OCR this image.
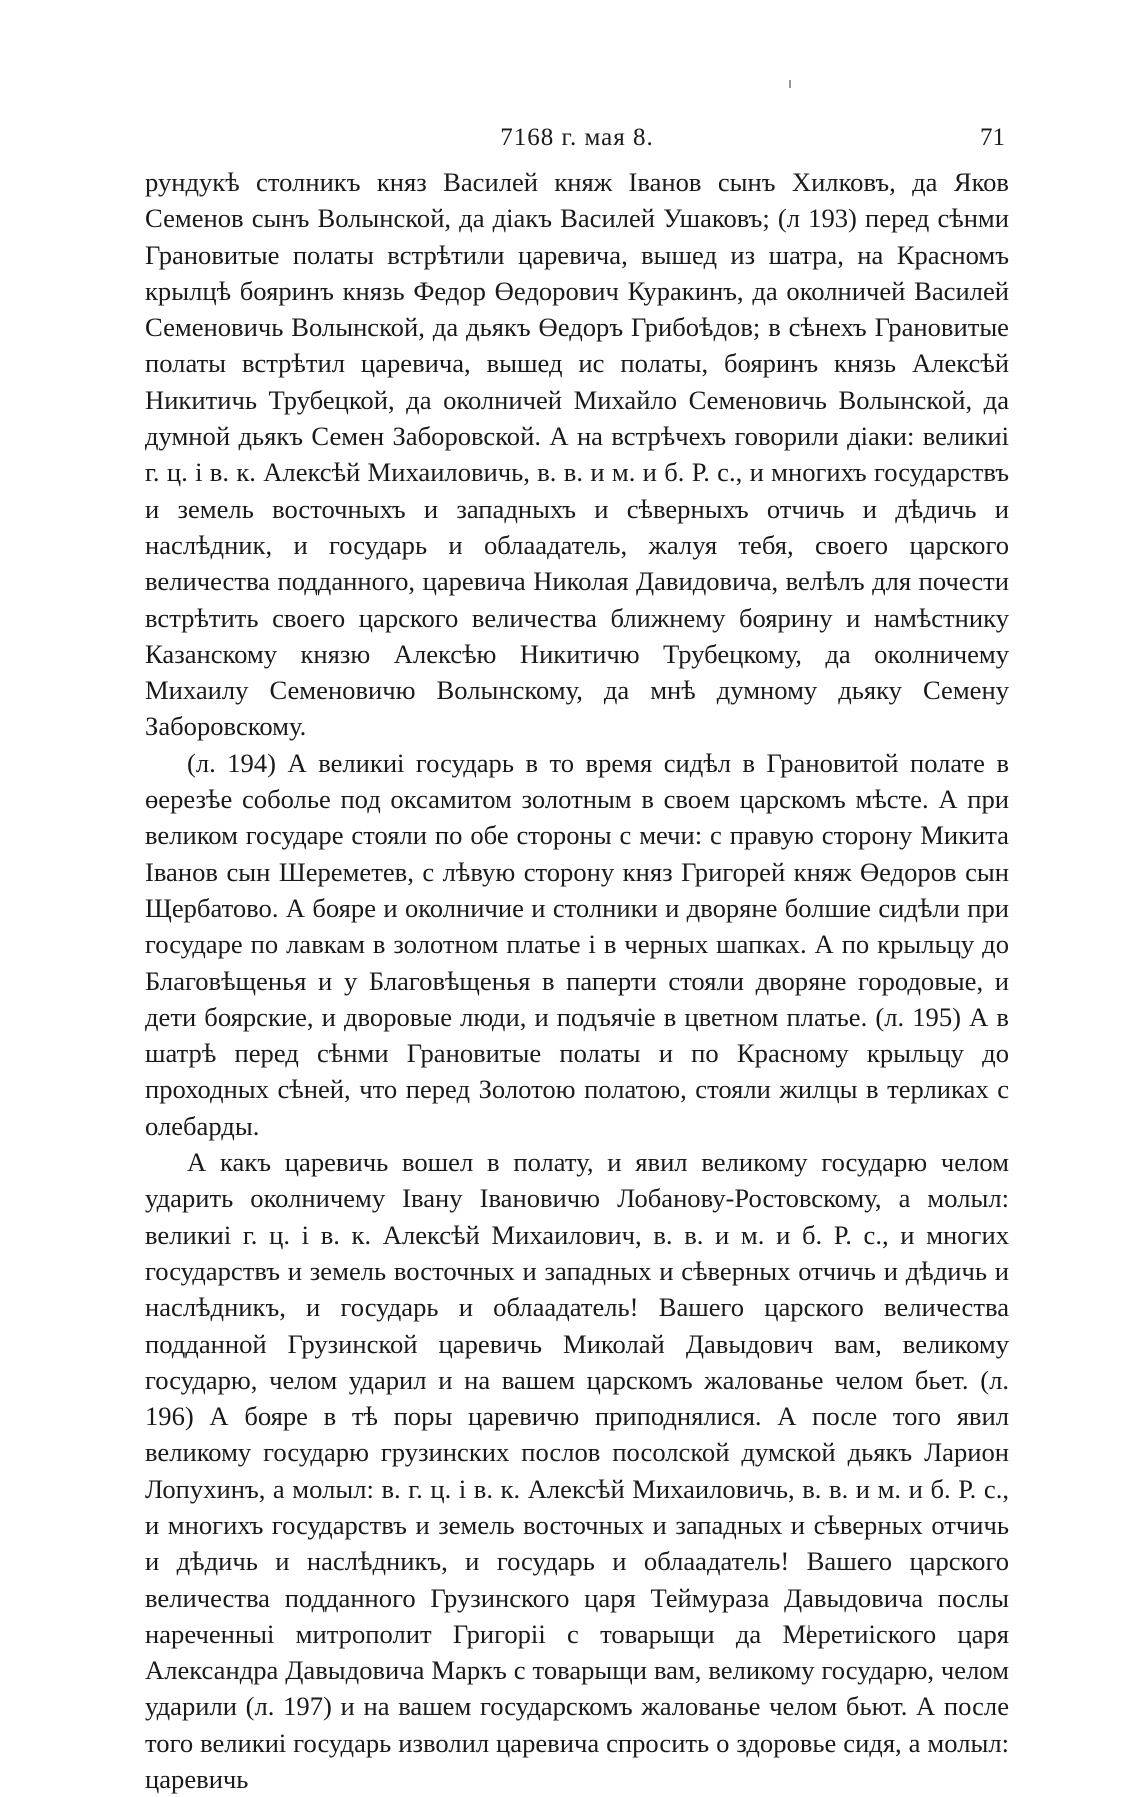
7168 г. мая 8.	71

рундукѣ столникъ княз Василей княж Іванов сынъ Хилковъ, да Яков Семенов сынъ Волынской, да діакъ Василей Ушаковъ; (л 193) перед сѣнми Грановитые полаты встрѣтили царевича, вышед из шатра, на Красномъ крылцѣ бояринъ князь Федор Өедорович Куракинъ, да околничей Василей Семеновичь Волынской, да дьякъ Өедоръ Грибоѣдов; в сѣнехъ Грановитые полаты встрѣтил царевича, вышед ис полаты, бояринъ князь Алексѣй Никитичь Трубецкой, да околничей Михайло Семеновичь Волынской, да думной дьякъ Семен Заборовской. А на встрѣчехъ говорили діаки: великиі г. ц. і в. к. Алексѣй Михаиловичь, в. в. и м. и б. Р. с., и многихъ государствъ и земель восточныхъ и западныхъ и сѣверныхъ отчичь и дѣдичь и наслѣдник, и государь и облаадатель, жалуя тебя, своего царского величества подданного, царевича Николая Давидовича, велѣлъ для почести встрѣтить своего царского величества ближнему боярину и намѣстнику Казанскому князю Алексѣю Никитичю Трубецкому, да околничему Михаилу Семеновичю Волынскому, да мнѣ думному дьяку Семену Заборовскому.

(л. 194) А великиі государь в то время сидѣл в Грановитой полате в өерезѣе соболье под оксамитом золотным в своем царскомъ мѣсте. А при великом государе стояли по обе стороны с мечи: с правую сторону Микита Іванов сын Шереметев, с лѣвую сторону княз Григорей княж Өедоров сын Щербатово. А бояре и околничие и столники и дворяне болшие сидѣли при государе по лавкам в золотном платье і в черных шапках. А по крыльцу до Благовѣщенья и у Благовѣщенья в паперти стояли дворяне городовые, и дети боярские, и дворовые люди, и подъячіе в цветном платье. (л. 195) А в шатрѣ перед сѣнми Грановитые полаты и по Красному крыльцу до проходных сѣней, что перед Золотою полатою, стояли жилцы в терликах с олебарды.

А какъ царевичь вошел в полату, и явил великому государю челом ударить околничему Івану Івановичю Лобанову-Ростовскому, а молыл: великиі г. ц. і в. к. Алексѣй Михаилович, в. в. и м. и б. Р. с., и многих государствъ и земель восточных и западных и сѣверных отчичь и дѣдичь и наслѣдникъ, и государь и облаадатель! Вашего царского величества подданной Грузинской царевичь Миколай Давыдович вам, великому государю, челом ударил и на вашем царскомъ жалованье челом бьет. (л. 196) А бояре в тѣ поры царевичю приподнялися. А после того явил великому государю грузинских послов посолской думской дьякъ Ларион Лопухинъ, а молыл: в. г. ц. і в. к. Алексѣй Михаиловичь, в. в. и м. и б. Р. с., и многихъ государствъ и земель восточных и западных и сѣверных отчичь и дѣдичь и наслѣдникъ, и государь и облаадатель! Вашего царского величества подданного Грузинского царя Теймураза Давыдовича послы нареченныі митрополит Григоріі с товарыщи да Меретиіского царя Александра Давыдовича Маркъ с товарыщи вам, великому государю, челом ударили (л. 197) и на вашем государскомъ жалованье челом бьют. А после того великиі государь изволил царевича спросить о здоровье сидя, а молыл: царевичь
